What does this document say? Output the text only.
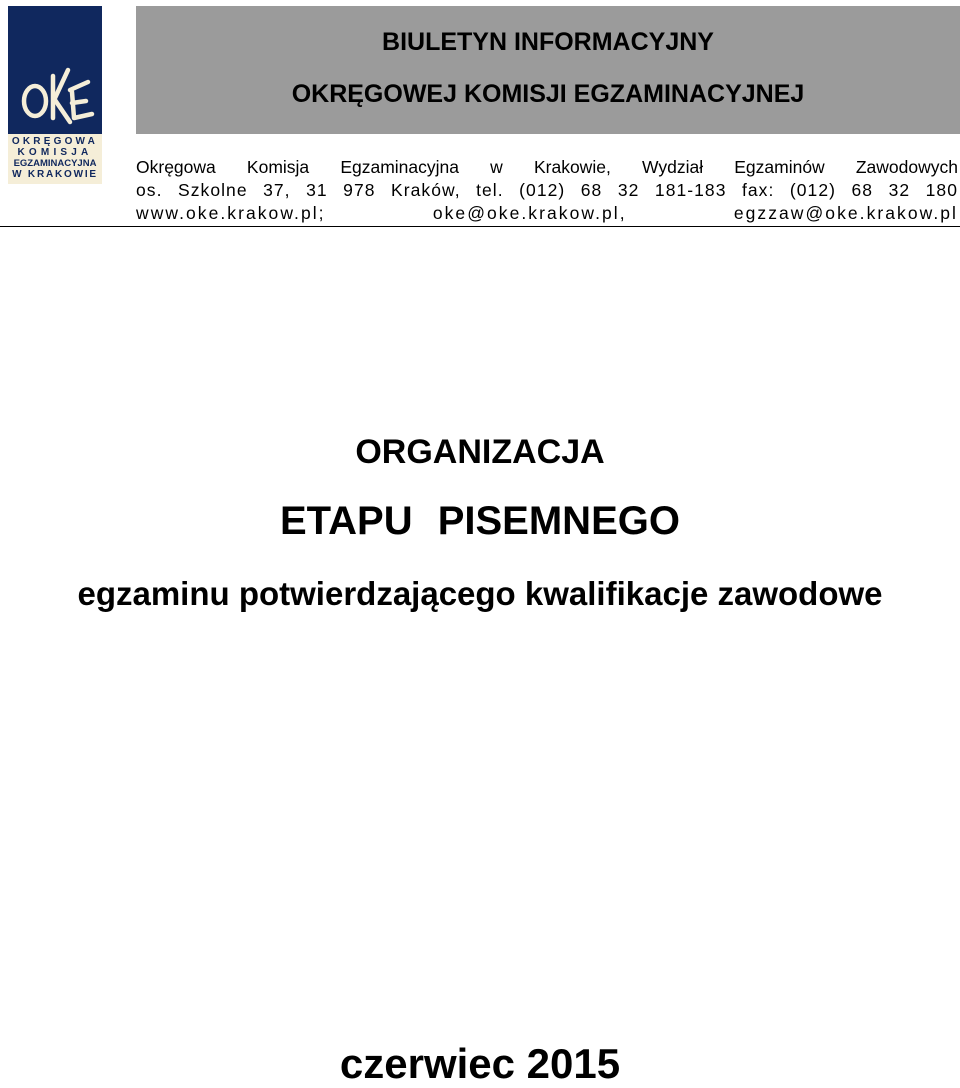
OKRĘGOWA
KOMISJA
EGZAMINACYJNA
W KRAKOWIE
BIULETYN INFORMACYJNY
OKRĘGOWEJ KOMISJI EGZAMINACYJNEJ
Okręgowa Komisja Egzaminacyjna w Krakowie, Wydział Egzaminów Zawodowych
os. Szkolne 37, 31 978 Kraków, tel. (012) 68 32 181-183 fax: (012) 68 32 180
www.oke.krakow.pl; oke@oke.krakow.pl, egzzaw@oke.krakow.pl
ORGANIZACJA
ETAPU PISEMNEGO
egzaminu potwierdzającego kwalifikacje zawodowe
czerwiec 2015
